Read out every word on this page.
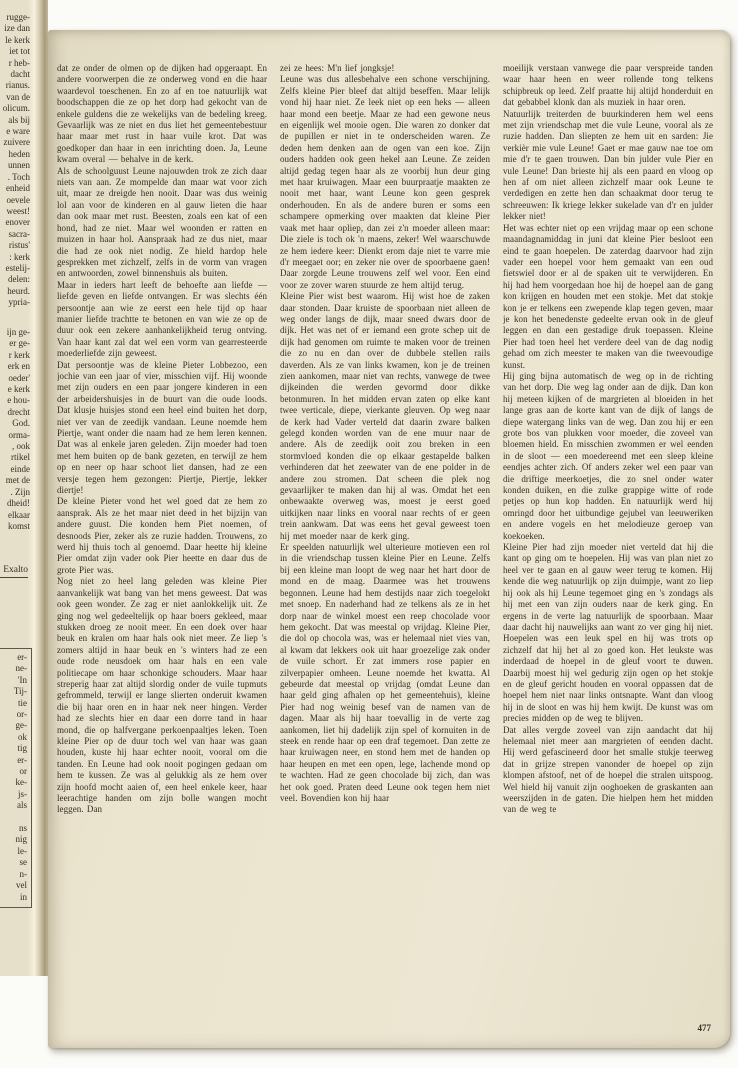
rugge-

ize dan

le kerk

iet tot

r heb-

dacht

rianus.

van de

olicum.

als bij

e ware

zuivere

heden

unnen

. Toch

enheid

oevele

weest!

enover

sacra-

ristus'

: kerk

estelij-

delen:

heurd.

ypria-

ijn ge-

er ge-

r kerk

erk en

oeder'

e kerk

e hou-

drecht

God.

orma-

, ook

rtikel

einde

met de

. Zijn

dheid!

elkaar

komst

Exalto

er-

ne-

'In

Tij-

tie

or-

ge-

ok

tig

er-

or

ke-

js-

als

ns

nig

le-

se

n-

vel

in

dat ze onder de olmen op de dijken had opgeraapt. En andere voorwerpen die ze onderweg vond en die haar waardevol toeschenen. En zo af en toe natuurlijk wat boodschappen die ze op het dorp had gekocht van de enkele guldens die ze wekelijks van de bedeling kreeg. Gevaarlijk was ze niet en dus liet het gemeentebestuur haar maar met rust in haar vuile krot. Dat was goedkoper dan haar in een inrichting doen. Ja, Leune kwam overal — behalve in de kerk.

Als de schoolguust Leune najouwden trok ze zich daar niets van aan. Ze mompelde dan maar wat voor zich uit, maar ze dreigde hen nooit. Daar was dus weinig lol aan voor de kinderen en al gauw lieten die haar dan ook maar met rust. Beesten, zoals een kat of een hond, had ze niet. Maar wel woonden er ratten en muizen in haar hol. Aanspraak had ze dus niet, maar die had ze ook niet nodig. Ze hield hardop hele gesprekken met zichzelf, zelfs in de vorm van vragen en antwoorden, zowel binnenshuis als buiten.

Maar in ieders hart leeft de behoefte aan liefde — liefde geven en liefde ontvangen. Er was slechts één persoontje aan wie ze eerst een hele tijd op haar manier liefde trachtte te betonen en van wie ze op de duur ook een zekere aanhankelijkheid terug ontving. Van haar kant zal dat wel een vorm van gearresteerde moederliefde zijn geweest.

Dat persoontje was de kleine Pieter Lobbezoo, een jochie van een jaar of vier, misschien vijf. Hij woonde met zijn ouders en een paar jongere kinderen in een der arbeidershuisjes in de buurt van die oude loods. Dat klusje huisjes stond een heel eind buiten het dorp, niet ver van de zeedijk vandaan. Leune noemde hem Piertje, want onder die naam had ze hem leren kennen. Dat was al enkele jaren geleden. Zijn moeder had toen met hem buiten op de bank gezeten, en terwijl ze hem op en neer op haar schoot liet dansen, had ze een versje tegen hem gezongen: Piertje, Piertje, lekker diertje!

De kleine Pieter vond het wel goed dat ze hem zo aansprak. Als ze het maar niet deed in het bijzijn van andere guust. Die konden hem Piet noemen, of desnoods Pier, zeker als ze ruzie hadden. Trouwens, zo werd hij thuis toch al genoemd. Daar heette hij kleine Pier omdat zijn vader ook Pier heette en daar dus de grote Pier was.

Nog niet zo heel lang geleden was kleine Pier aanvankelijk wat bang van het mens geweest. Dat was ook geen wonder. Ze zag er niet aanlokkelijk uit. Ze ging nog wel gedeeltelijk op haar boers gekleed, maar stukken droeg ze nooit meer. En een doek over haar beuk en kralen om haar hals ook niet meer. Ze liep 's zomers altijd in haar beuk en 's winters had ze een oude rode neusdoek om haar hals en een vale politiecape om haar schonkige schouders. Maar haar streperig haar zat altijd slordig onder de vuile tupmuts gefrommeld, terwijl er lange slierten onderuit kwamen die bij haar oren en in haar nek neer hingen. Verder had ze slechts hier en daar een dorre tand in haar mond, die op halfvergane perkoenpaaltjes leken. Toen kleine Pier op de duur toch wel van haar was gaan houden, kuste hij haar echter nooit, vooral om die tanden. En Leune had ook nooit pogingen gedaan om hem te kussen. Ze was al gelukkig als ze hem over zijn hoofd mocht aaien of, een heel enkele keer, haar leerachtige handen om zijn bolle wangen mocht leggen. Dan

zei ze hees: M'n lief jongksje!

Leune was dus allesbehalve een schone verschijning. Zelfs kleine Pier bleef dat altijd beseffen. Maar lelijk vond hij haar niet. Ze leek niet op een heks — alleen haar mond een beetje. Maar ze had een gewone neus en eigenlijk wel mooie ogen. Die waren zo donker dat de pupillen er niet in te onderscheiden waren. Ze deden hem denken aan de ogen van een koe. Zijn ouders hadden ook geen hekel aan Leune. Ze zeiden altijd gedag tegen haar als ze voorbij hun deur ging met haar kruiwagen. Maar een buurpraatje maakten ze nooit met haar, want Leune kon geen gesprek onderhouden. En als de andere buren er soms een schampere opmerking over maakten dat kleine Pier vaak met haar opliep, dan zei z'n moeder alleen maar: Die ziele is toch ok 'n maens, zeker! Wel waarschuwde ze hem iedere keer: Dienkt erom daje niet te varre mie d'r meegaet oor; en zeker nie over de spoorbaene gaen! Daar zorgde Leune trouwens zelf wel voor. Een eind voor ze zover waren stuurde ze hem altijd terug.

Kleine Pier wist best waarom. Hij wist hoe de zaken daar stonden. Daar kruiste de spoorbaan niet alleen de weg onder langs de dijk, maar sneed dwars door de dijk. Het was net of er iemand een grote schep uit de dijk had genomen om ruimte te maken voor de treinen die zo nu en dan over de dubbele stellen rails daverden. Als ze van links kwamen, kon je de treinen zien aankomen, maar niet van rechts, vanwege de twee dijkeinden die werden gevormd door dikke betonmuren. In het midden ervan zaten op elke kant twee verticale, diepe, vierkante gleuven. Op weg naar de kerk had Vader verteld dat daarin zware balken gelegd konden worden van de ene muur naar de andere. Als de zeedijk ooit zou breken in een stormvloed konden die op elkaar gestapelde balken verhinderen dat het zeewater van de ene polder in de andere zou stromen. Dat scheen die plek nog gevaarlijker te maken dan hij al was. Omdat het een onbewaakte overweg was, moest je eerst goed uitkijken naar links en vooral naar rechts of er geen trein aankwam. Dat was eens het geval geweest toen hij met moeder naar de kerk ging.

Er speelden natuurlijk wel ulterieure motieven een rol in die vriendschap tussen kleine Pier en Leune. Zelfs bij een kleine man loopt de weg naar het hart door de mond en de maag. Daarmee was het trouwens begonnen. Leune had hem destijds naar zich toegelokt met snoep. En naderhand had ze telkens als ze in het dorp naar de winkel moest een reep chocolade voor hem gekocht. Dat was meestal op vrijdag. Kleine Pier, die dol op chocola was, was er helemaal niet vies van, al kwam dat lekkers ook uit haar groezelige zak onder de vuile schort. Er zat immers rose papier en zilverpapier omheen. Leune noemde het kwatta. Al gebeurde dat meestal op vrijdag (omdat Leune dan haar geld ging afhalen op het gemeentehuis), kleine Pier had nog weinig besef van de namen van de dagen. Maar als hij haar toevallig in de verte zag aankomen, liet hij dadelijk zijn spel of kornuiten in de steek en rende haar op een draf tegemoet. Dan zette ze haar kruiwagen neer, en stond hem met de handen op haar heupen en met een open, lege, lachende mond op te wachten. Had ze geen chocolade bij zich, dan was het ook goed. Praten deed Leune ook tegen hem niet veel. Bovendien kon hij haar

moeilijk verstaan vanwege die paar verspreide tanden waar haar heen en weer rollende tong telkens schipbreuk op leed. Zelf praatte hij altijd honderduit en dat gebabbel klonk dan als muziek in haar oren.

Natuurlijk treiterden de buurkinderen hem wel eens met zijn vriendschap met die vule Leune, vooral als ze ruzie hadden. Dan sliepten ze hem uit en sarden: Jie verkièr mie vule Leune! Gaet er mae gauw nae toe om mie d'r te gaen trouwen. Dan bin julder vule Pier en vule Leune! Dan brieste hij als een paard en vloog op hen af om niet alleen zichzelf maar ook Leune te verdedigen en zette hen dan schaakmat door terug te schreeuwen: Ik kriege lekker sukelade van d'r en julder lekker niet!

Het was echter niet op een vrijdag maar op een schone maandagnamiddag in juni dat kleine Pier besloot een eind te gaan hoepelen. De zaterdag daarvoor had zijn vader een hoepel voor hem gemaakt van een oud fietswiel door er al de spaken uit te verwijderen. En hij had hem voorgedaan hoe hij de hoepel aan de gang kon krijgen en houden met een stokje. Met dat stokje kon je er telkens een zwepende klap tegen geven, maar je kon het benedenste gedeelte ervan ook in de gleuf leggen en dan een gestadige druk toepassen. Kleine Pier had toen heel het verdere deel van de dag nodig gehad om zich meester te maken van die tweevoudige kunst.

Hij ging bijna automatisch de weg op in de richting van het dorp. Die weg lag onder aan de dijk. Dan kon hij meteen kijken of de margrieten al bloeiden in het lange gras aan de korte kant van de dijk of langs de diepe watergang links van de weg. Dan zou hij er een grote bos van plukken voor moeder, die zoveel van bloemen hield. En misschien zwommen er wel eenden in de sloot — een moedereend met een sleep kleine eendjes achter zich. Of anders zeker wel een paar van die driftige meerkoetjes, die zo snel onder water konden duiken, en die zulke grappige witte of rode petjes op hun kop hadden. En natuurlijk werd hij omringd door het uitbundige gejubel van leeuweriken en andere vogels en het melodieuze geroep van koekoeken.

Kleine Pier had zijn moeder niet verteld dat hij die kant op ging om te hoepelen. Hij was van plan niet zo heel ver te gaan en al gauw weer terug te komen. Hij kende die weg natuurlijk op zijn duimpje, want zo liep hij ook als hij Leune tegemoet ging en 's zondags als hij met een van zijn ouders naar de kerk ging. En ergens in de verte lag natuurlijk de spoorbaan. Maar daar dacht hij nauwelijks aan want zo ver ging hij niet. Hoepelen was een leuk spel en hij was trots op zichzelf dat hij het al zo goed kon. Het leukste was inderdaad de hoepel in de gleuf voort te duwen. Daarbij moest hij wel gedurig zijn ogen op het stokje en de gleuf gericht houden en vooral oppassen dat de hoepel hem niet naar links ontsnapte. Want dan vloog hij in de sloot en was hij hem kwijt. De kunst was om precies midden op de weg te blijven.

Dat alles vergde zoveel van zijn aandacht dat hij helemaal niet meer aan margrieten of eenden dacht. Hij werd gefascineerd door het smalle stukje teerweg dat in grijze strepen vanonder de hoepel op zijn klompen afstoof, net of de hoepel die stralen uitspoog. Wel hield hij vanuit zijn ooghoeken de graskanten aan weerszijden in de gaten. Die hielpen hem het midden van de weg te

477
